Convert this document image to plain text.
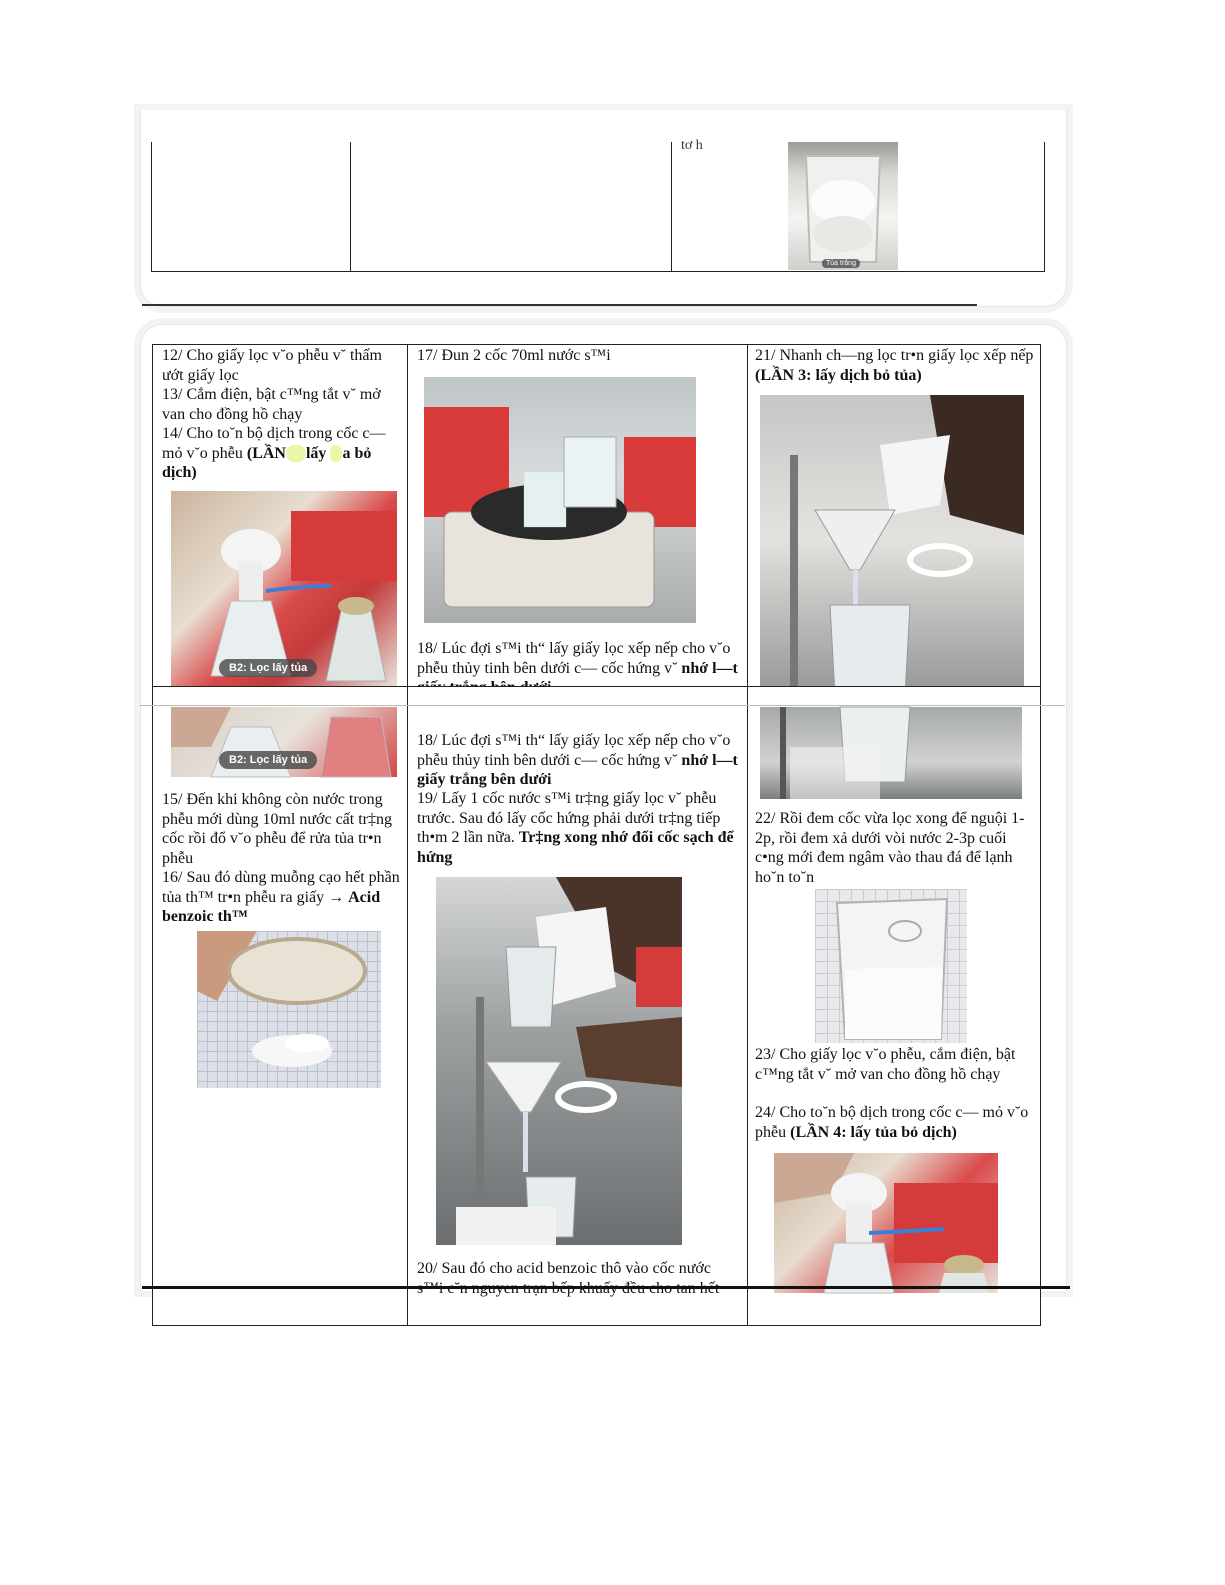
tơ h
Tủa trắng
12/ Cho giấy lọc v˘o phễu v˘ thấm ướt giấy lọc
13/ Cắm điện, bật c™ng tắt v˘ mở van cho đồng hồ chạy
14/ Cho to˘n bộ dịch trong cốc c— mỏ v˘o phễu (LẦN lấy a bỏ dịch)
B2: Lọc lấy tủa
17/ Đun 2 cốc 70ml nước s™i
18/ Lúc đợi s™i th“ lấy giấy lọc xếp nếp cho v˘o phễu thủy tinh bên dưới c— cốc hứng v˘ nhớ l—t
21/ Nhanh ch—ng lọc tr•n giấy lọc xếp nếp (LẦN 3: lấy dịch bỏ tủa)
B2: Lọc lấy tủa
15/ Đến khi không còn nước trong phễu mới dùng 10ml nước cất tr‡ng cốc rồi đổ v˘o phễu để rửa tủa tr•n phễu
16/ Sau đó dùng muỗng cạo hết phần tủa th™ tr•n phễu ra giấy → Acid benzoic th™
18/ Lúc đợi s™i th“ lấy giấy lọc xếp nếp cho v˘o phễu thủy tinh bên dưới c— cốc hứng v˘ nhớ l—t giấy trắng bên dưới
19/ Lấy 1 cốc nước s™i tr‡ng giấy lọc v˘ phễu trước. Sau đó lấy cốc hứng phải dưới tr‡ng tiếp th•m 2 lần nữa. Tr‡ng xong nhớ đổi cốc sạch để hứng
20/ Sau đó cho acid benzoic thô vào cốc nước
22/ Rồi đem cốc vừa lọc xong để nguội 1-2p, rồi đem xả dưới vòi nước 2-3p cuối c•ng mới đem ngâm vào thau đá để lạnh ho˘n to˘n
23/ Cho giấy lọc v˘o phễu, cắm điện, bật c™ng tắt v˘ mở van cho đồng hồ chạy
24/ Cho to˘n bộ dịch trong cốc c— mỏ v˘o phễu (LẦN 4: lấy tủa bỏ dịch)
